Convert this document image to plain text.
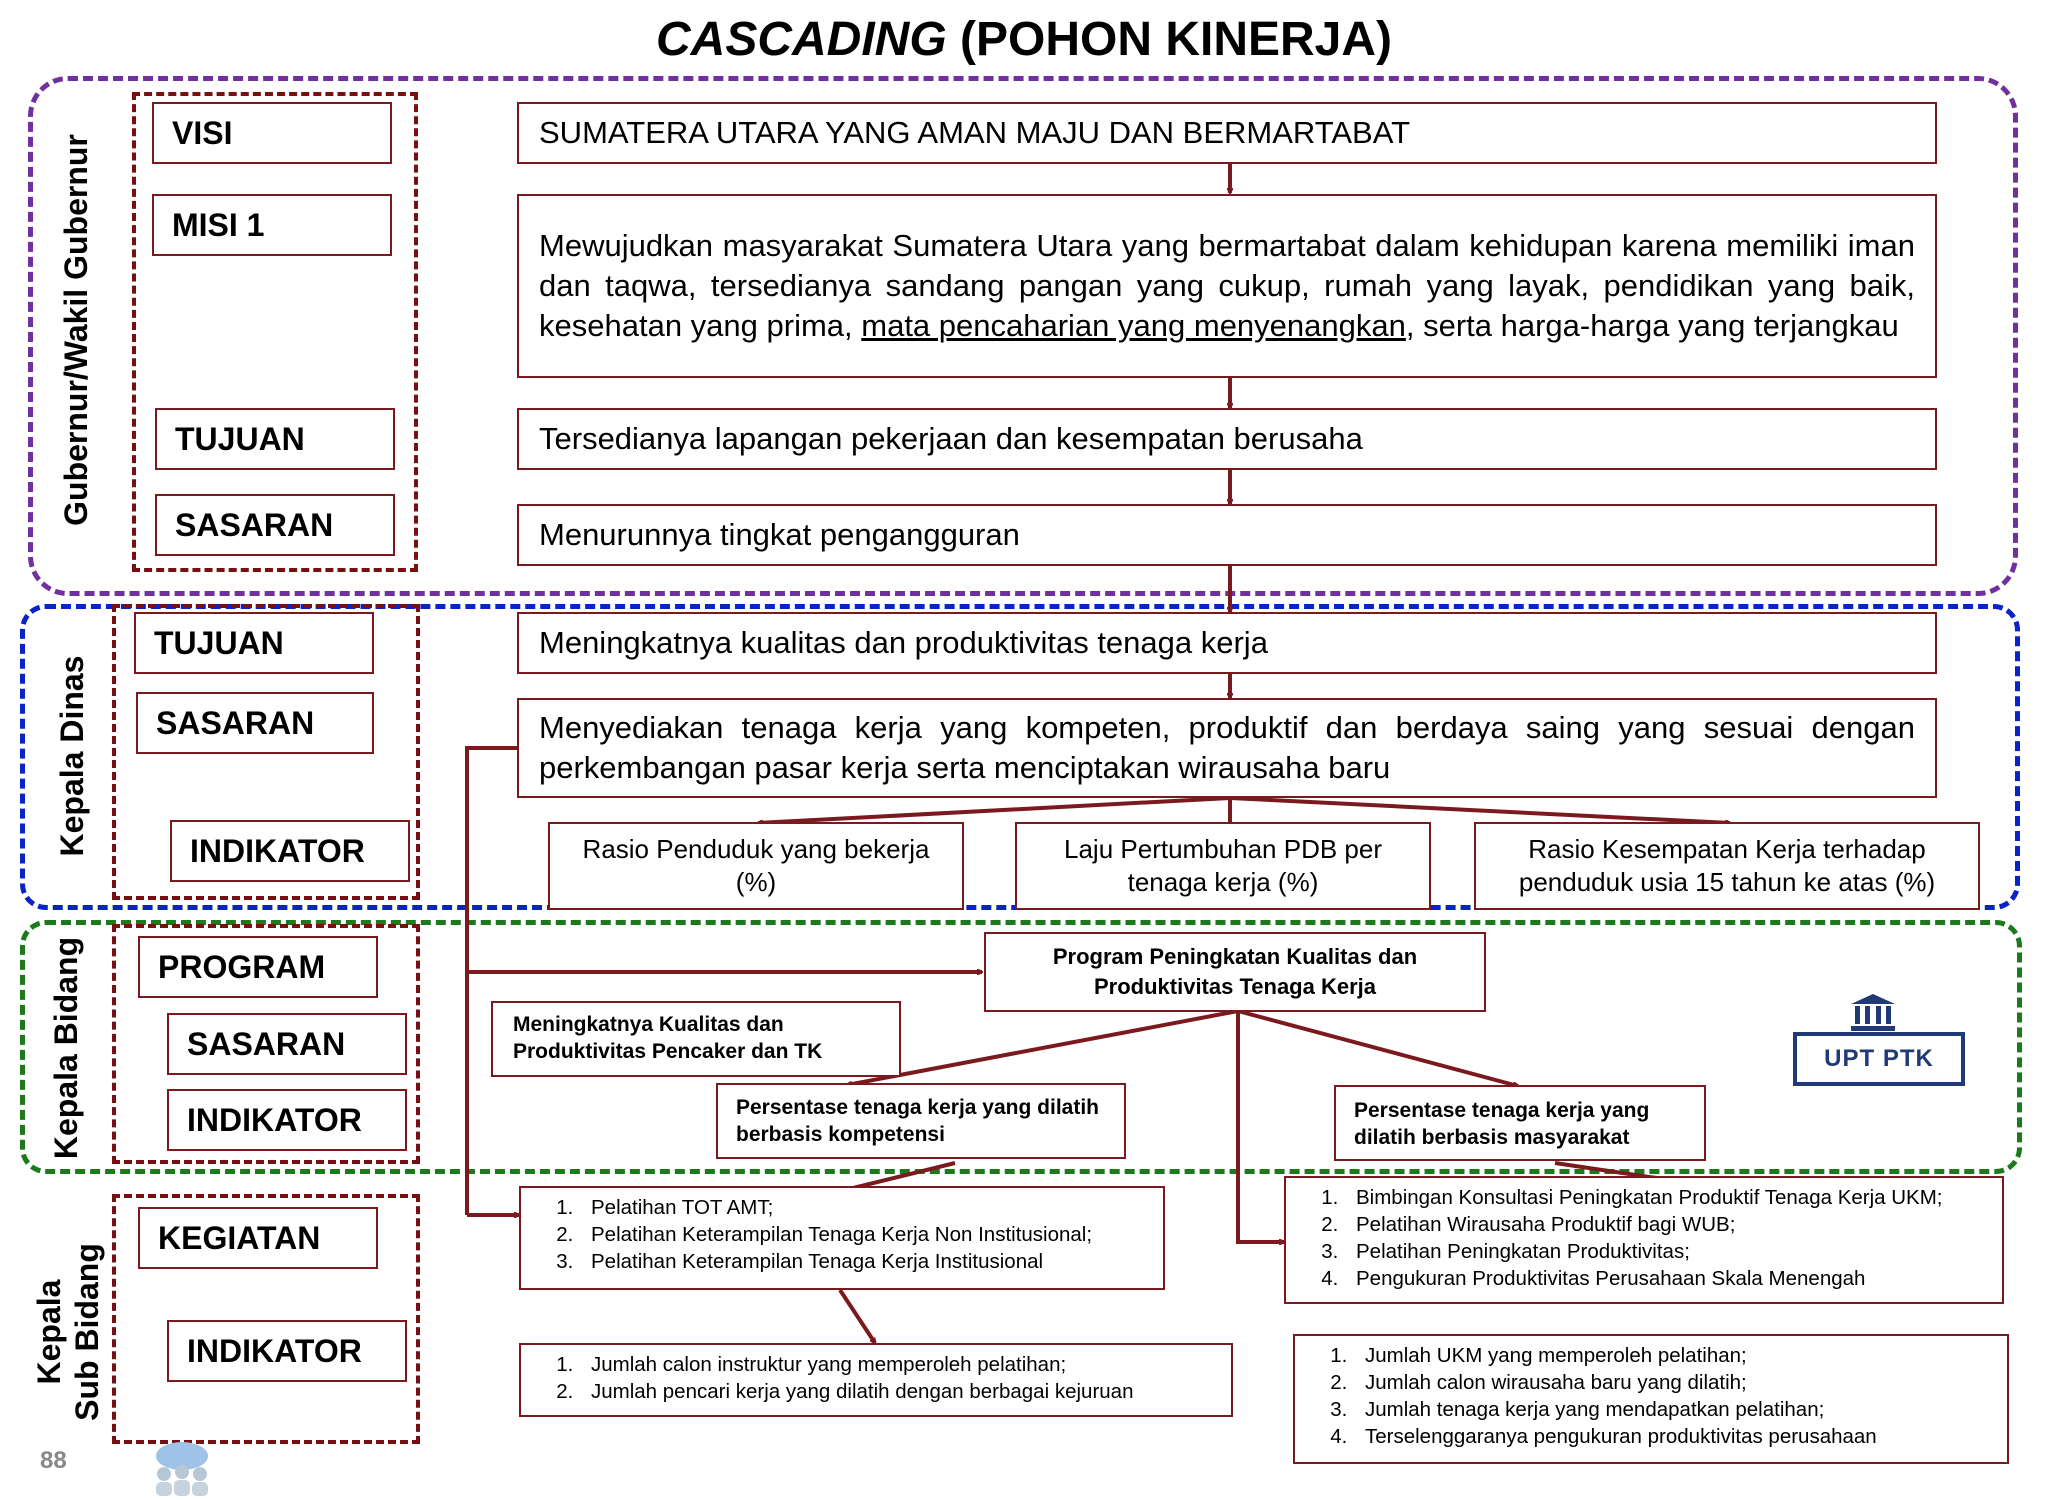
CASCADING (POHON KINERJA)
Gubernur/Wakil Gubernur
Kepala Dinas
Kepala Bidang
Kepala Sub Bidang
VISI
MISI 1
TUJUAN
SASARAN
SUMATERA UTARA YANG AMAN MAJU DAN BERMARTABAT
Mewujudkan masyarakat Sumatera Utara yang bermartabat dalam kehidupan karena memiliki iman dan taqwa, tersedianya sandang pangan yang cukup, rumah yang layak, pendidikan yang baik, kesehatan yang prima, mata pencaharian yang menyenangkan, serta harga-harga yang terjangkau
Tersedianya lapangan pekerjaan dan kesempatan berusaha
Menurunnya tingkat pengangguran
TUJUAN
SASARAN
INDIKATOR
Meningkatnya kualitas dan produktivitas tenaga kerja
Menyediakan tenaga kerja yang kompeten, produktif dan berdaya saing yang sesuai dengan perkembangan pasar kerja serta menciptakan wirausaha baru
Rasio Penduduk yang bekerja (%)
Laju Pertumbuhan PDB per tenaga kerja (%)
Rasio Kesempatan Kerja terhadap penduduk usia 15 tahun ke atas (%)
PROGRAM
SASARAN
INDIKATOR
Program Peningkatan Kualitas dan Produktivitas Tenaga Kerja
Meningkatnya Kualitas dan Produktivitas Pencaker dan TK
Persentase tenaga kerja yang dilatih berbasis kompetensi
Persentase tenaga kerja yang dilatih berbasis masyarakat
UPT PTK
KEGIATAN
INDIKATOR
1. Pelatihan TOT AMT;
2. Pelatihan Keterampilan Tenaga Kerja Non Institusional;
3. Pelatihan Keterampilan Tenaga Kerja Institusional
1. Bimbingan Konsultasi Peningkatan Produktif Tenaga Kerja UKM;
2. Pelatihan Wirausaha Produktif bagi WUB;
3. Pelatihan Peningkatan Produktivitas;
4. Pengukuran Produktivitas Perusahaan Skala Menengah
1. Jumlah calon instruktur yang memperoleh pelatihan;
2. Jumlah pencari kerja yang dilatih dengan berbagai kejuruan
1. Jumlah UKM yang memperoleh pelatihan;
2. Jumlah calon wirausaha baru yang dilatih;
3. Jumlah tenaga kerja yang mendapatkan pelatihan;
4. Terselenggaranya pengukuran produktivitas perusahaan
88
